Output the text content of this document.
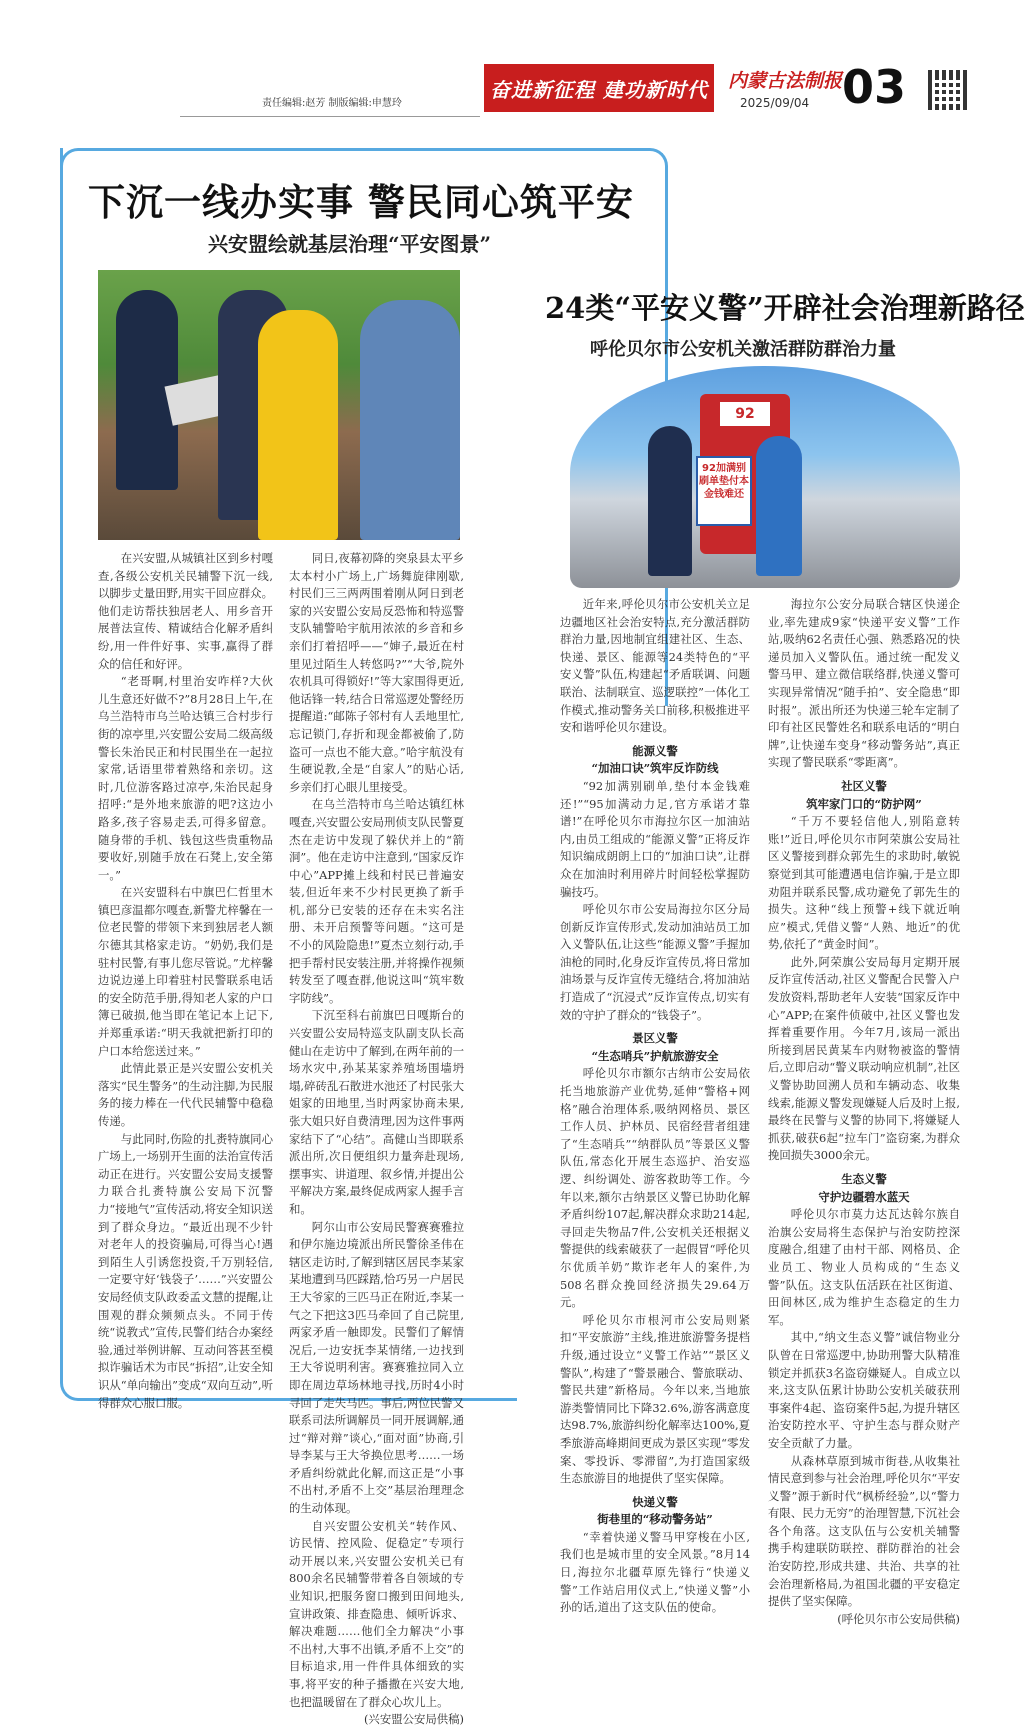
责任编辑:赵芳 制版编辑:申慧玲
奋进新征程 建功新时代	内蒙古法制报
2025/09/04 03
下沉一线办实事 警民同心筑平安
兴安盟绘就基层治理“平安图景”

在兴安盟,从城镇社区到乡村嘎查,各级公安机关民辅警下沉一线,以脚步丈量田野,用实干回应群众。他们走访帮扶独居老人、用乡音开展普法宣传、精诚结合化解矛盾纠纷,用一件件好事、实事,赢得了群众的信任和好评。

“老哥啊,村里治安咋样?大伙儿生意还好做不?”8月28日上午,在乌兰浩特市乌兰哈达镇三合村步行街的凉亭里,兴安盟公安局二级高级警长朱治民正和村民围坐在一起拉家常,话语里带着熟络和亲切。这时,几位游客路过凉亭,朱治民起身招呼:“是外地来旅游的吧?这边小路多,孩子容易走丢,可得多留意。随身带的手机、钱包这些贵重物品要收好,别随手放在石凳上,安全第一。”

在兴安盟科右中旗巴仁哲里木镇巴彦温都尔嘎查,新警尤梓馨在一位老民警的带领下来到独居老人额尔德其其格家走访。“奶奶,我们是驻村民警,有事儿您尽管说。”尤梓馨边说边递上印着驻村民警联系电话的安全防范手册,得知老人家的户口簿已破损,他当即在笔记本上记下,并郑重承诺:“明天我就把新打印的户口本给您送过来。”

此情此景正是兴安盟公安机关落实“民生警务”的生动注脚,为民服务的接力棒在一代代民辅警中稳稳传递。

与此同时,伤险的扎赉特旗同心广场上,一场别开生面的法治宣传活动正在进行。兴安盟公安局支援警力联合扎赉特旗公安局下沉警力“接地气”宣传活动,将安全知识送到了群众身边。“最近出现不少针对老年人的投资骗局,可得当心!遇到陌生人引诱您投资,千万别轻信,一定要守好‘钱袋子’……”兴安盟公安局经侦支队政委孟文慧的提醒,让围观的群众频频点头。不同于传统“说教式”宣传,民警们结合办案经验,通过举例讲解、互动问答甚至模拟诈骗话术为市民“拆招”,让安全知识从“单向输出”变成“双向互动”,听得群众心服口服。

同日,夜幕初降的突泉县太平乡太本村小广场上,广场舞旋律刚歇,村民们三三两两围着刚从阿日到老家的兴安盟公安局反恐怖和特巡警支队辅警哈宇航用浓浓的乡音和乡亲们打着招呼——“婶子,最近在村里见过陌生人转悠吗?”“大爷,院外农机具可得锁好!”等大家围得更近,他话锋一转,结合日常巡逻处警经历提醒道:“邮陈子邻村有人丢地里忙,忘记锁门,存折和现金都被偷了,防盗可一点也不能大意。”哈宇航没有生硬说教,全是“自家人”的贴心话,乡亲们打心眼儿里接受。

在乌兰浩特市乌兰哈达镇红林嘎查,兴安盟公安局刑侦支队民警夏杰在走访中发现了躲伏并上的“箭洞”。他在走访中注意到,“国家反诈中心”APP摊上线和村民已普遍安装,但近年来不少村民更换了新手机,部分已安装的还存在未实名注册、未开启预警等问题。“这可是不小的风险隐患!”夏杰立刻行动,手把手帮村民安装注册,并将操作视频转发至了嘎查群,他说这叫“筑牢数字防线”。

下沉至科右前旗巴日嘎斯台的兴安盟公安局特巡支队副支队长高健山在走访中了解到,在两年前的一场水灾中,孙某某家养殖场围墙坍塌,碎砖乱石散进水池还了村民张大姐家的田地里,当时两家协商未果,张大姐只好自费清理,因为这件事两家结下了“心结”。高健山当即联系派出所,次日便组织力量奔赴现场,摆事实、讲道理、叙乡情,并提出公平解决方案,最终促成两家人握手言和。

阿尔山市公安局民警赛赛雅拉和伊尔施边境派出所民警徐圣伟在辖区走访时,了解到辖区居民李某家某地遭到马匹踩踏,恰巧另一户居民王大爷家的三匹马正在附近,李某一气之下把这3匹马牵回了自己院里,两家矛盾一触即发。民警们了解情况后,一边安抚李某情绪,一边找到王大爷说明利害。赛赛雅拉同入立即在周边草场林地寻找,历时4小时寻回了走失马匹。事后,两位民警又联系司法所调解员一同开展调解,通过“辩对辩”谈心,“面对面”协商,引导李某与王大爷换位思考……一场矛盾纠纷就此化解,而这正是“小事不出村,矛盾不上交”基层治理理念的生动体现。

自兴安盟公安机关“转作风、访民情、控风险、促稳定”专项行动开展以来,兴安盟公安机关已有800余名民辅警带着各自领域的专业知识,把服务窗口搬到田间地头,宣讲政策、排查隐患、倾听诉求、解决难题……他们全力解决“小事不出村,大事不出镇,矛盾不上交”的目标追求,用一件件具体细致的实事,将平安的种子播撒在兴安大地,也把温暖留在了群众心坎儿上。

(兴安盟公安局供稿)

24类“平安义警”开辟社会治理新路径
呼伦贝尔市公安机关激活群防群治力量
92
92加满别刷单垫付本金钱难还

近年来,呼伦贝尔市公安机关立足边疆地区社会治安特点,充分激活群防群治力量,因地制宜组建社区、生态、快递、景区、能源等24类特色的“平安义警”队伍,构建起“矛盾联调、问题联治、法制联宣、巡逻联控”一体化工作模式,推动警务关口前移,积极推进平安和谐呼伦贝尔建设。

能源义警

“加油口诀”筑牢反诈防线

“92加满别刷单,垫付本金钱难还!”“95加满动力足,官方承诺才靠谱!”在呼伦贝尔市海拉尔区一加油站内,由员工组成的“能源义警”正将反诈知识编成朗朗上口的“加油口诀”,让群众在加油时利用碎片时间轻松掌握防骗技巧。

呼伦贝尔市公安局海拉尔区分局创新反诈宣传形式,发动加油站员工加入义警队伍,让这些“能源义警”手握加油枪的同时,化身反诈宣传员,将日常加油场景与反诈宣传无缝结合,将加油站打造成了“沉浸式”反诈宣传点,切实有效的守护了群众的“钱袋子”。

景区义警

“生态哨兵”护航旅游安全

呼伦贝尔市额尔古纳市公安局依托当地旅游产业优势,延伸“警格+网格”融合治理体系,吸纳网格员、景区工作人员、护林员、民宿经营者组建了“生态哨兵”“纳群队员”等景区义警队伍,常态化开展生态巡护、治安巡逻、纠纷调处、游客救助等工作。今年以来,额尔古纳景区义警已协助化解矛盾纠纷107起,解决群众求助214起,寻回走失物品7件,公安机关还根据义警提供的线索破获了一起假冒“呼伦贝尔优质羊奶”欺诈老年人的案件,为508名群众挽回经济损失29.64万元。

呼伦贝尔市根河市公安局则紧扣“平安旅游”主线,推进旅游警务提档升级,通过设立“义警工作站”“景区义警队”,构建了“警景融合、警旅联动、警民共建”新格局。今年以来,当地旅游类警情同比下降32.6%,游客满意度达98.7%,旅游纠纷化解率达100%,夏季旅游高峰期间更成为景区实现“零发案、零投诉、零滞留”,为打造国家级生态旅游目的地提供了坚实保障。

快递义警

街巷里的“移动警务站”

“幸着快递义警马甲穿梭在小区,我们也是城市里的安全风景。”8月14日,海拉尔北疆草原先锋行“快递义警”工作站启用仪式上,“快递义警”小孙的话,道出了这支队伍的使命。

海拉尔公安分局联合辖区快递企业,率先建成9家“快递平安义警”工作站,吸纳62名责任心强、熟悉路况的快递员加入义警队伍。通过统一配发义警马甲、建立微信联络群,快递义警可实现异常情况“随手拍”、安全隐患“即时报”。派出所还为快递三轮车定制了印有社区民警姓名和联系电话的“明白牌”,让快递车变身“移动警务站”,真正实现了警民联系“零距离”。

社区义警

筑牢家门口的“防护网”

“千万不要轻信他人,别陷意转账!”近日,呼伦贝尔市阿荣旗公安局社区义警接到群众郭先生的求助时,敏锐察觉到其可能遭遇电信诈骗,于是立即劝阻并联系民警,成功避免了郭先生的损失。这种“线上预警+线下就近响应”模式,凭借义警“人熟、地近”的优势,依托了“黄金时间”。

此外,阿荣旗公安局每月定期开展反诈宣传活动,社区义警配合民警入户发放资料,帮助老年人安装“国家反诈中心”APP;在案件侦破中,社区义警也发挥着重要作用。今年7月,该局一派出所接到居民黄某车内财物被盗的警情后,立即启动“警义联动响应机制”,社区义警协助回溯人员和车辆动态、收集线索,能源义警发现嫌疑人后及时上报,最终在民警与义警的协同下,将嫌疑人抓获,破获6起“拉车门”盗窃案,为群众挽回损失3000余元。

生态义警

守护边疆碧水蓝天

呼伦贝尔市莫力达瓦达斡尔族自治旗公安局将生态保护与治安防控深度融合,组建了由村干部、网格员、企业员工、物业人员构成的“生态义警”队伍。这支队伍活跃在社区街道、田间林区,成为维护生态稳定的生力军。

其中,“纳文生态义警”诚信物业分队曾在日常巡逻中,协助刑警大队精准锁定并抓获3名盗窃嫌疑人。自成立以来,这支队伍累计协助公安机关破获刑事案件4起、盗窃案件5起,为提升辖区治安防控水平、守护生态与群众财产安全贡献了力量。

从森林草原到城市街巷,从收集社情民意到参与社会治理,呼伦贝尔“平安义警”源于新时代“枫桥经验”,以“警力有限、民力无穷”的治理智慧,下沉社会各个角落。这支队伍与公安机关辅警携手构建联防联控、群防群治的社会治安防控,形成共建、共治、共享的社会治理新格局,为祖国北疆的平安稳定提供了坚实保障。

(呼伦贝尔市公安局供稿)
